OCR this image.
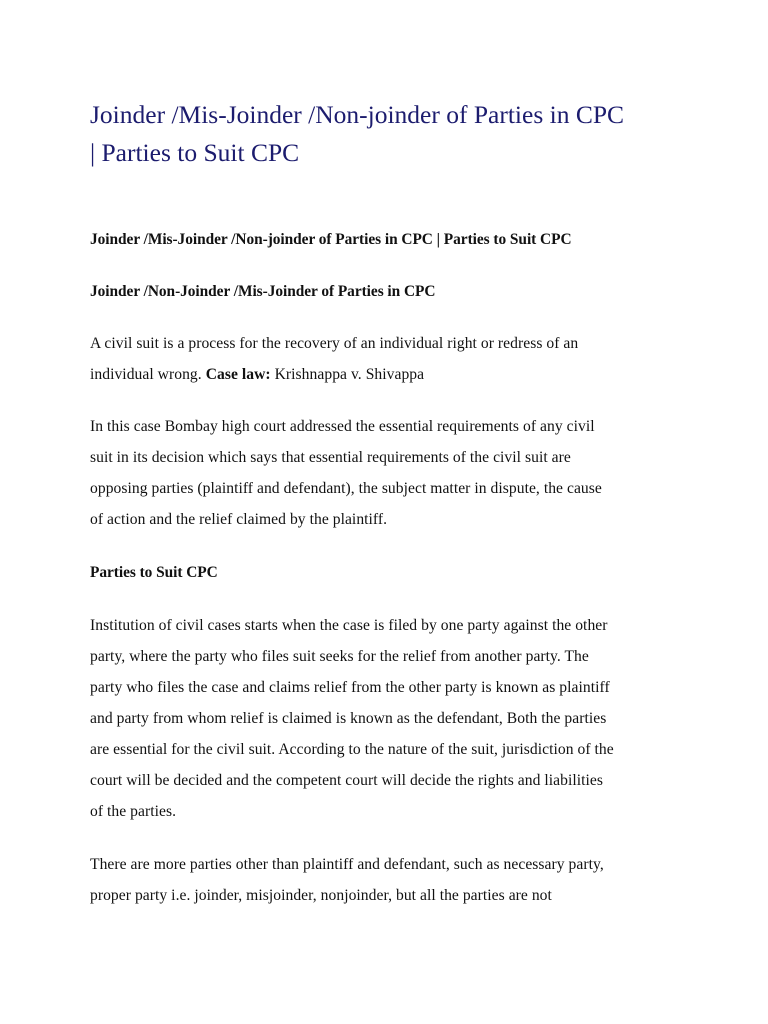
Joinder /Mis-Joinder /Non-joinder of Parties in CPC
| Parties to Suit CPC

Joinder /Mis-Joinder /Non-joinder of Parties in CPC | Parties to Suit CPC

Joinder /Non-Joinder /Mis-Joinder of Parties in CPC

A civil suit is a process for the recovery of an individual right or redress of an
individual wrong. Case law: Krishnappa v. Shivappa

In this case Bombay high court addressed the essential requirements of any civil
suit in its decision which says that essential requirements of the civil suit are
opposing parties (plaintiff and defendant), the subject matter in dispute, the cause
of action and the relief claimed by the plaintiff.

Parties to Suit CPC

Institution of civil cases starts when the case is filed by one party against the other
party, where the party who files suit seeks for the relief from another party. The
party who files the case and claims relief from the other party is known as plaintiff
and party from whom relief is claimed is known as the defendant, Both the parties
are essential for the civil suit. According to the nature of the suit, jurisdiction of the
court will be decided and the competent court will decide the rights and liabilities
of the parties.

There are more parties other than plaintiff and defendant, such as necessary party,
proper party i.e. joinder, misjoinder, nonjoinder, but all the parties are not
